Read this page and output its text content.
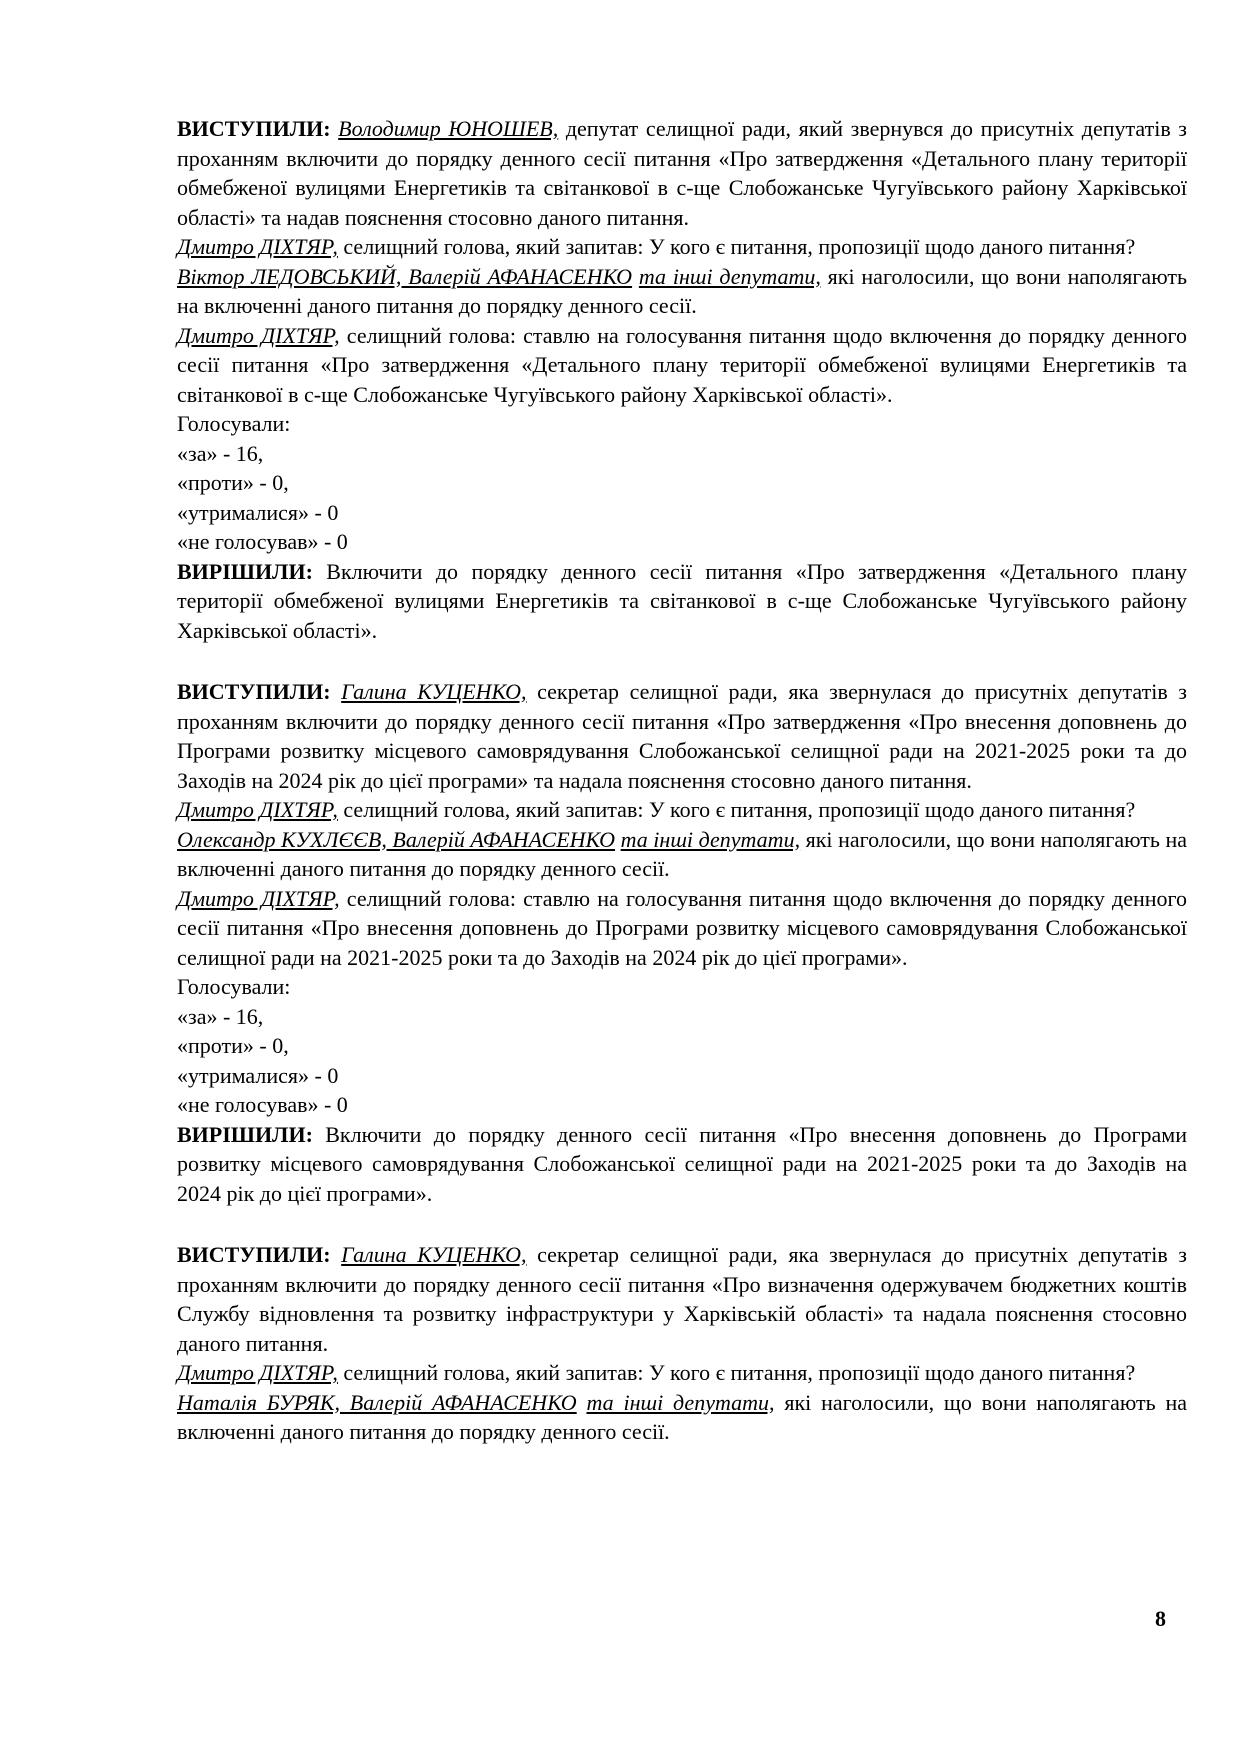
ВИСТУПИЛИ: Володимир ЮНОШЕВ, депутат селищної ради, який звернувся до присутніх депутатів з проханням включити до порядку денного сесії питання «Про затвердження «Детального плану території обмебженої вулицями Енергетиків та світанкової в с-ще Слобожанське Чугуївського району Харківської області» та надав пояснення стосовно даного питання.

Дмитро ДІХТЯР, селищний голова, який запитав: У кого є питання, пропозиції щодо даного питання?

Віктор ЛЕДОВСЬКИЙ, Валерій АФАНАСЕНКО та інші депутати, які наголосили, що вони наполягають на включенні даного питання до порядку денного сесії.

Дмитро ДІХТЯР, селищний голова: ставлю на голосування питання щодо включення до порядку денного сесії питання «Про затвердження «Детального плану території обмебженої вулицями Енергетиків та світанкової в с-ще Слобожанське Чугуївського району Харківської області».

Голосували:
«за» - 16,
«проти» - 0,
«утрималися» - 0
«не голосував» - 0

ВИРІШИЛИ: Включити до порядку денного сесії питання «Про затвердження «Детального плану території обмебженої вулицями Енергетиків та світанкової в с-ще Слобожанське Чугуївського району Харківської області».

ВИСТУПИЛИ: Галина КУЦЕНКО, секретар селищної ради, яка звернулася до присутніх депутатів з проханням включити до порядку денного сесії питання «Про затвердження «Про внесення доповнень до Програми розвитку місцевого самоврядування Слобожанської селищної ради на 2021-2025 роки та до Заходів на 2024 рік до цієї програми» та надала пояснення стосовно даного питання.

Дмитро ДІХТЯР, селищний голова, який запитав: У кого є питання, пропозиції щодо даного питання?

Олександр КУХЛЄЄВ, Валерій АФАНАСЕНКО та інші депутати, які наголосили, що вони наполягають на включенні даного питання до порядку денного сесії.

Дмитро ДІХТЯР, селищний голова: ставлю на голосування питання щодо включення до порядку денного сесії питання «Про внесення доповнень до Програми розвитку місцевого самоврядування Слобожанської селищної ради на 2021-2025 роки та до Заходів на 2024 рік до цієї програми».

Голосували:
«за» - 16,
«проти» - 0,
«утрималися» - 0
«не голосував» - 0

ВИРІШИЛИ: Включити до порядку денного сесії питання «Про внесення доповнень до Програми розвитку місцевого самоврядування Слобожанської селищної ради на 2021-2025 роки та до Заходів на 2024 рік до цієї програми».

ВИСТУПИЛИ: Галина КУЦЕНКО, секретар селищної ради, яка звернулася до присутніх депутатів з проханням включити до порядку денного сесії питання «Про визначення одержувачем бюджетних коштів Службу відновлення та розвитку інфраструктури у Харківській області» та надала пояснення стосовно даного питання.

Дмитро ДІХТЯР, селищний голова, який запитав: У кого є питання, пропозиції щодо даного питання?

Наталія БУРЯК, Валерій АФАНАСЕНКО та інші депутати, які наголосили, що вони наполягають на включенні даного питання до порядку денного сесії.

8
